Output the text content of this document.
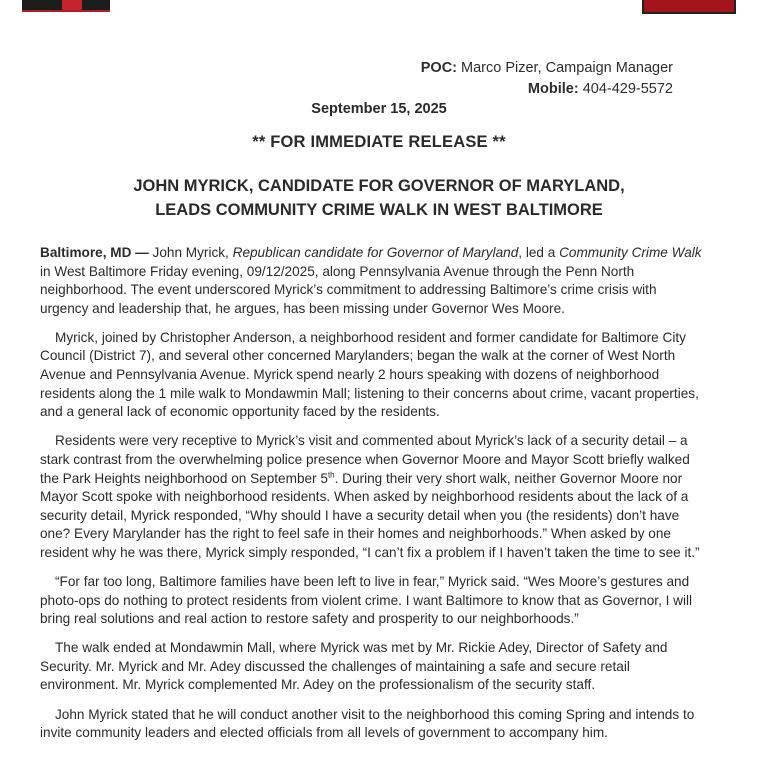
POC: Marco Pizer, Campaign Manager
Mobile: 404-429-5572
September 15, 2025
** FOR IMMEDIATE RELEASE **
JOHN MYRICK, CANDIDATE FOR GOVERNOR OF MARYLAND,
LEADS COMMUNITY CRIME WALK IN WEST BALTIMORE

Baltimore, MD — John Myrick, Republican candidate for Governor of Maryland, led a Community Crime Walk in West Baltimore Friday evening, 09/12/2025, along Pennsylvania Avenue through the Penn North neighborhood. The event underscored Myrick’s commitment to addressing Baltimore’s crime crisis with urgency and leadership that, he argues, has been missing under Governor Wes Moore.

Myrick, joined by Christopher Anderson, a neighborhood resident and former candidate for Baltimore City Council (District 7), and several other concerned Marylanders; began the walk at the corner of West North Avenue and Pennsylvania Avenue. Myrick spend nearly 2 hours speaking with dozens of neighborhood residents along the 1 mile walk to Mondawmin Mall; listening to their concerns about crime, vacant properties, and a general lack of economic opportunity faced by the residents.

Residents were very receptive to Myrick’s visit and commented about Myrick’s lack of a security detail – a stark contrast from the overwhelming police presence when Governor Moore and Mayor Scott briefly walked the Park Heights neighborhood on September 5th. During their very short walk, neither Governor Moore nor Mayor Scott spoke with neighborhood residents. When asked by neighborhood residents about the lack of a security detail, Myrick responded, “Why should I have a security detail when you (the residents) don’t have one? Every Marylander has the right to feel safe in their homes and neighborhoods.” When asked by one resident why he was there, Myrick simply responded, “I can’t fix a problem if I haven’t taken the time to see it.”

“For far too long, Baltimore families have been left to live in fear,” Myrick said. “Wes Moore’s gestures and photo-ops do nothing to protect residents from violent crime. I want Baltimore to know that as Governor, I will bring real solutions and real action to restore safety and prosperity to our neighborhoods.”

The walk ended at Mondawmin Mall, where Myrick was met by Mr. Rickie Adey, Director of Safety and Security. Mr. Myrick and Mr. Adey discussed the challenges of maintaining a safe and secure retail environment. Mr. Myrick complemented Mr. Adey on the professionalism of the security staff.

John Myrick stated that he will conduct another visit to the neighborhood this coming Spring and intends to invite community leaders and elected officials from all levels of government to accompany him.
